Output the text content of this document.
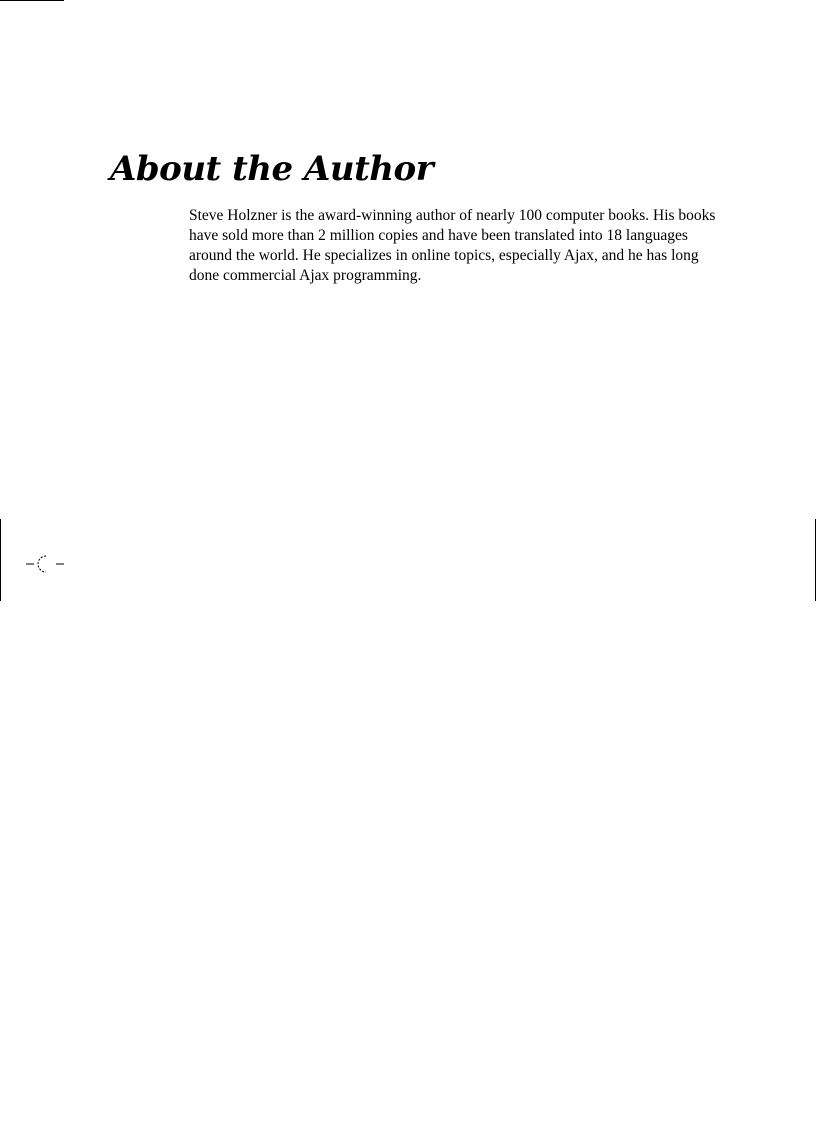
About the Author

Steve Holzner is the award-winning author of nearly 100 computer books. His books have sold more than 2 million copies and have been translated into 18 languages around the world. He specializes in online topics, especially Ajax, and he has long done commercial Ajax programming.
